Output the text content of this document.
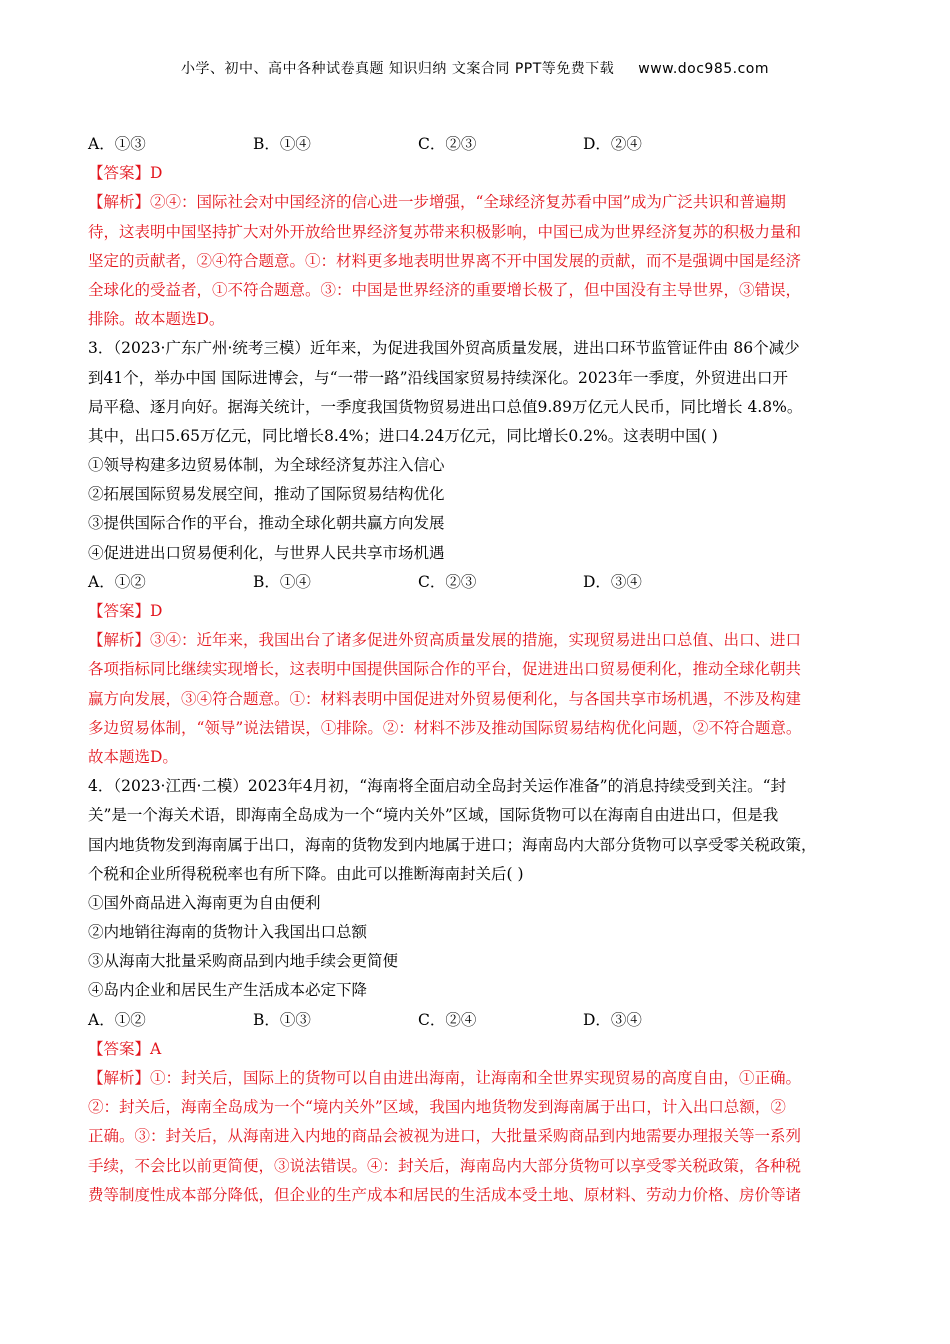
小学、初中、高中各种试卷真题 知识归纳 文案合同 PPT等免费下载 www.doc985.com
A．①③	B．①④	C．②③	D．②④
【答案】D
【解析】②④：国际社会对中国经济的信心进一步增强，“全球经济复苏看中国”成为广泛共识和普遍期
待，这表明中国坚持扩大对外开放给世界经济复苏带来积极影响，中国已成为世界经济复苏的积极力量和
坚定的贡献者，②④符合题意。①：材料更多地表明世界离不开中国发展的贡献，而不是强调中国是经济
全球化的受益者，①不符合题意。③：中国是世界经济的重要增长极了，但中国没有主导世界，③错误，
排除。故本题选D。
3．（2023·广东广州·统考三模）近年来，为促进我国外贸高质量发展，进出口环节监管证件由 86个减少
到41个，举办中国 国际进博会，与“一带一路”沿线国家贸易持续深化。2023年一季度，外贸进出口开
局平稳、逐月向好。据海关统计，一季度我国货物贸易进出口总值9.89万亿元人民币，同比增长 4.8%。
其中，出口5.65万亿元，同比增长8.4%；进口4.24万亿元，同比增长0.2%。这表明中国( )
①领导构建多边贸易体制，为全球经济复苏注入信心
②拓展国际贸易发展空间，推动了国际贸易结构优化
③提供国际合作的平台，推动全球化朝共赢方向发展
④促进进出口贸易便利化，与世界人民共享市场机遇
A．①②	B．①④	C．②③	D．③④
【答案】D
【解析】③④：近年来，我国出台了诸多促进外贸高质量发展的措施，实现贸易进出口总值、出口、进口
各项指标同比继续实现增长，这表明中国提供国际合作的平台，促进进出口贸易便利化，推动全球化朝共
赢方向发展，③④符合题意。①：材料表明中国促进对外贸易便利化，与各国共享市场机遇，不涉及构建
多边贸易体制，“领导”说法错误，①排除。②：材料不涉及推动国际贸易结构优化问题，②不符合题意。
故本题选D。
4．（2023·江西·二模）2023年4月初，“海南将全面启动全岛封关运作准备”的消息持续受到关注。“封
关”是一个海关术语，即海南全岛成为一个“境内关外”区域，国际货物可以在海南自由进出口，但是我
国内地货物发到海南属于出口，海南的货物发到内地属于进口；海南岛内大部分货物可以享受零关税政策，
个税和企业所得税税率也有所下降。由此可以推断海南封关后( )
①国外商品进入海南更为自由便利
②内地销往海南的货物计入我国出口总额
③从海南大批量采购商品到内地手续会更简便
④岛内企业和居民生产生活成本必定下降
A．①②	B．①③	C．②④	D．③④
【答案】A
【解析】①：封关后，国际上的货物可以自由进出海南，让海南和全世界实现贸易的高度自由，①正确。
②：封关后，海南全岛成为一个“境内关外”区域，我国内地货物发到海南属于出口，计入出口总额，②
正确。③：封关后，从海南进入内地的商品会被视为进口，大批量采购商品到内地需要办理报关等一系列
手续，不会比以前更简便，③说法错误。④：封关后，海南岛内大部分货物可以享受零关税政策，各种税
费等制度性成本部分降低，但企业的生产成本和居民的生活成本受土地、原材料、劳动力价格、房价等诸
